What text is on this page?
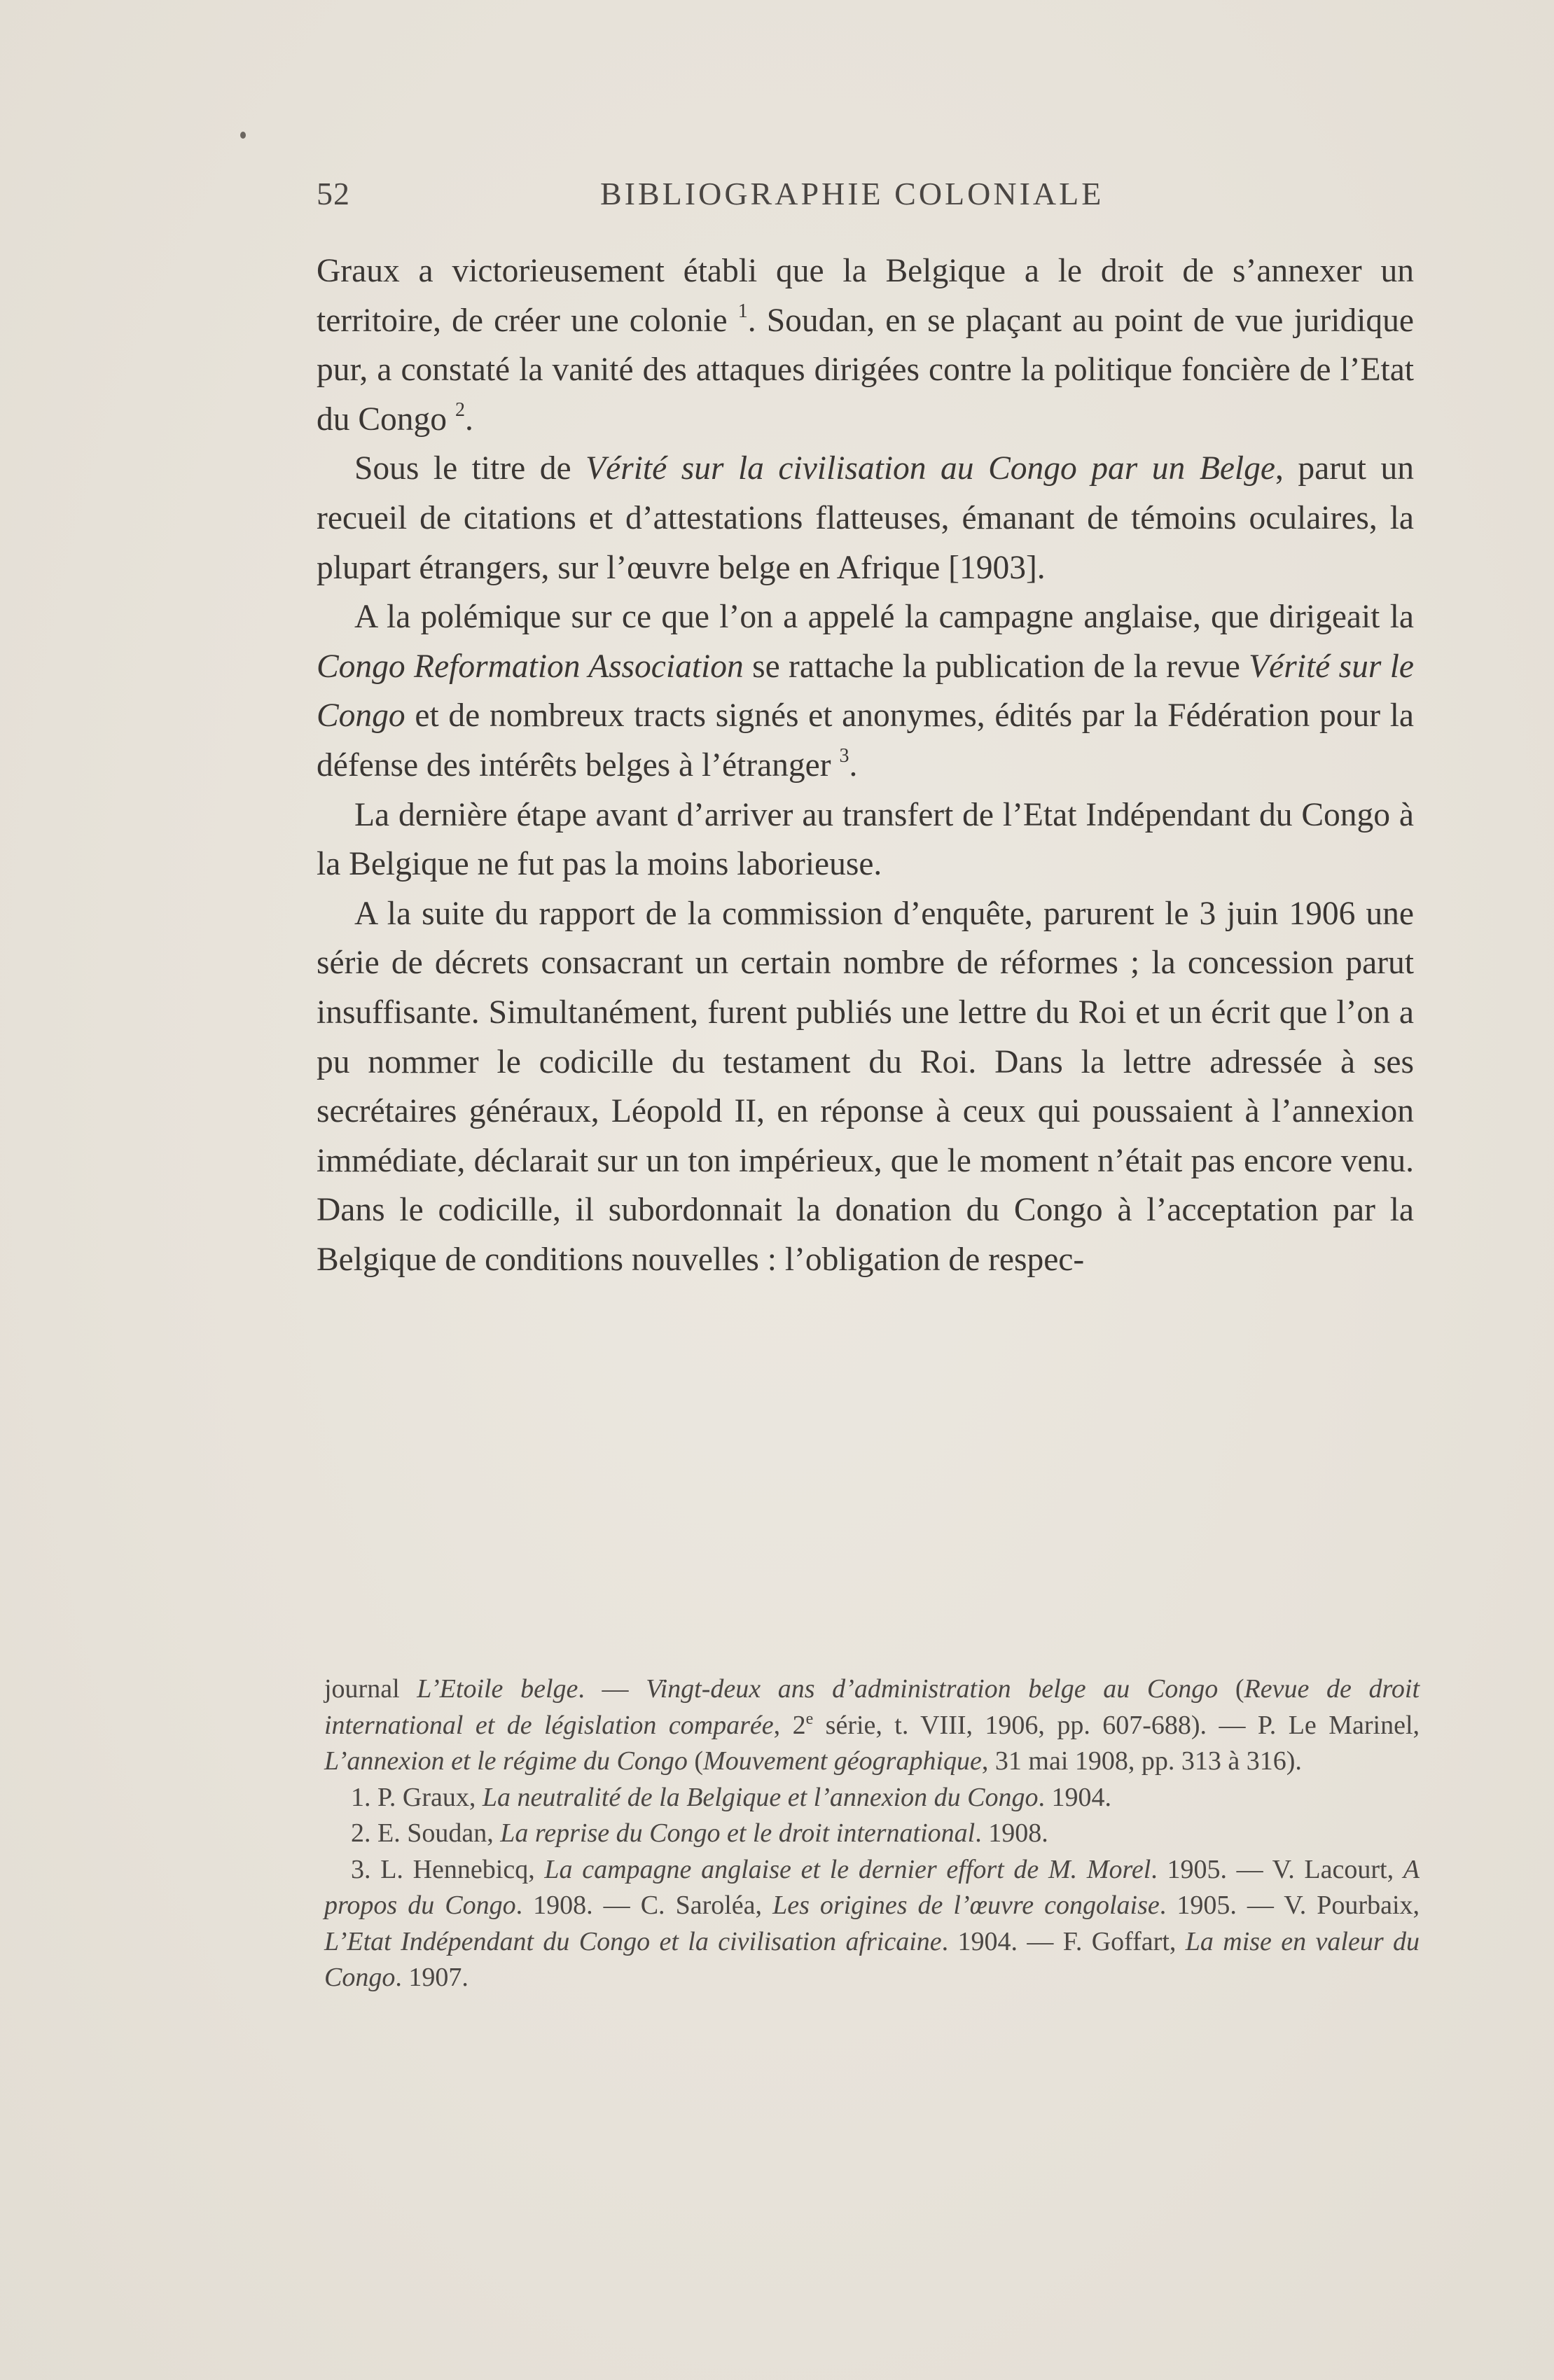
52	BIBLIOGRAPHIE COLONIALE

Graux a victorieusement établi que la Belgique a le droit de s’annexer un territoire, de créer une colonie $^1$. Soudan, en se plaçant au point de vue juridique pur, a constaté la vanité des attaques dirigées contre la politique foncière de l’Etat du Congo $^2$.

Sous le titre de Vérité sur la civilisation au Congo par un Belge, parut un recueil de citations et d’attestations flatteuses, émanant de témoins oculaires, la plupart étrangers, sur l’œuvre belge en Afrique [1903].

A la polémique sur ce que l’on a appelé la campagne anglaise, que dirigeait la Congo Reformation Association se rattache la publication de la revue Vérité sur le Congo et de nombreux tracts signés et anonymes, édités par la Fédération pour la défense des intérêts belges à l’étranger $^3$.

La dernière étape avant d’arriver au transfert de l’Etat Indépendant du Congo à la Belgique ne fut pas la moins laborieuse.

A la suite du rapport de la commission d’enquête, parurent le 3 juin 1906 une série de décrets consacrant un certain nombre de réformes ; la concession parut insuffisante. Simultanément, furent publiés une lettre du Roi et un écrit que l’on a pu nommer le codicille du testament du Roi. Dans la lettre adressée à ses secrétaires généraux, Léopold II, en réponse à ceux qui poussaient à l’annexion immédiate, déclarait sur un ton impérieux, que le moment n’était pas encore venu. Dans le codicille, il subordonnait la donation du Congo à l’acceptation par la Belgique de conditions nouvelles : l’obligation de respec-

journal L’Etoile belge. — Vingt-deux ans d’administration belge au Congo (Revue de droit international et de législation comparée, 2e série, t. VIII, 1906, pp. 607-688). — P. Le Marinel, L’annexion et le régime du Congo (Mouvement géographique, 31 mai 1908, pp. 313 à 316).

1. P. Graux, La neutralité de la Belgique et l’annexion du Congo. 1904.

2. E. Soudan, La reprise du Congo et le droit international. 1908.

3. L. Hennebicq, La campagne anglaise et le dernier effort de M. Morel. 1905. — V. Lacourt, A propos du Congo. 1908. — C. Saroléa, Les origines de l’œuvre congolaise. 1905. — V. Pourbaix, L’Etat Indépendant du Congo et la civilisation africaine. 1904. — F. Goffart, La mise en valeur du Congo. 1907.
